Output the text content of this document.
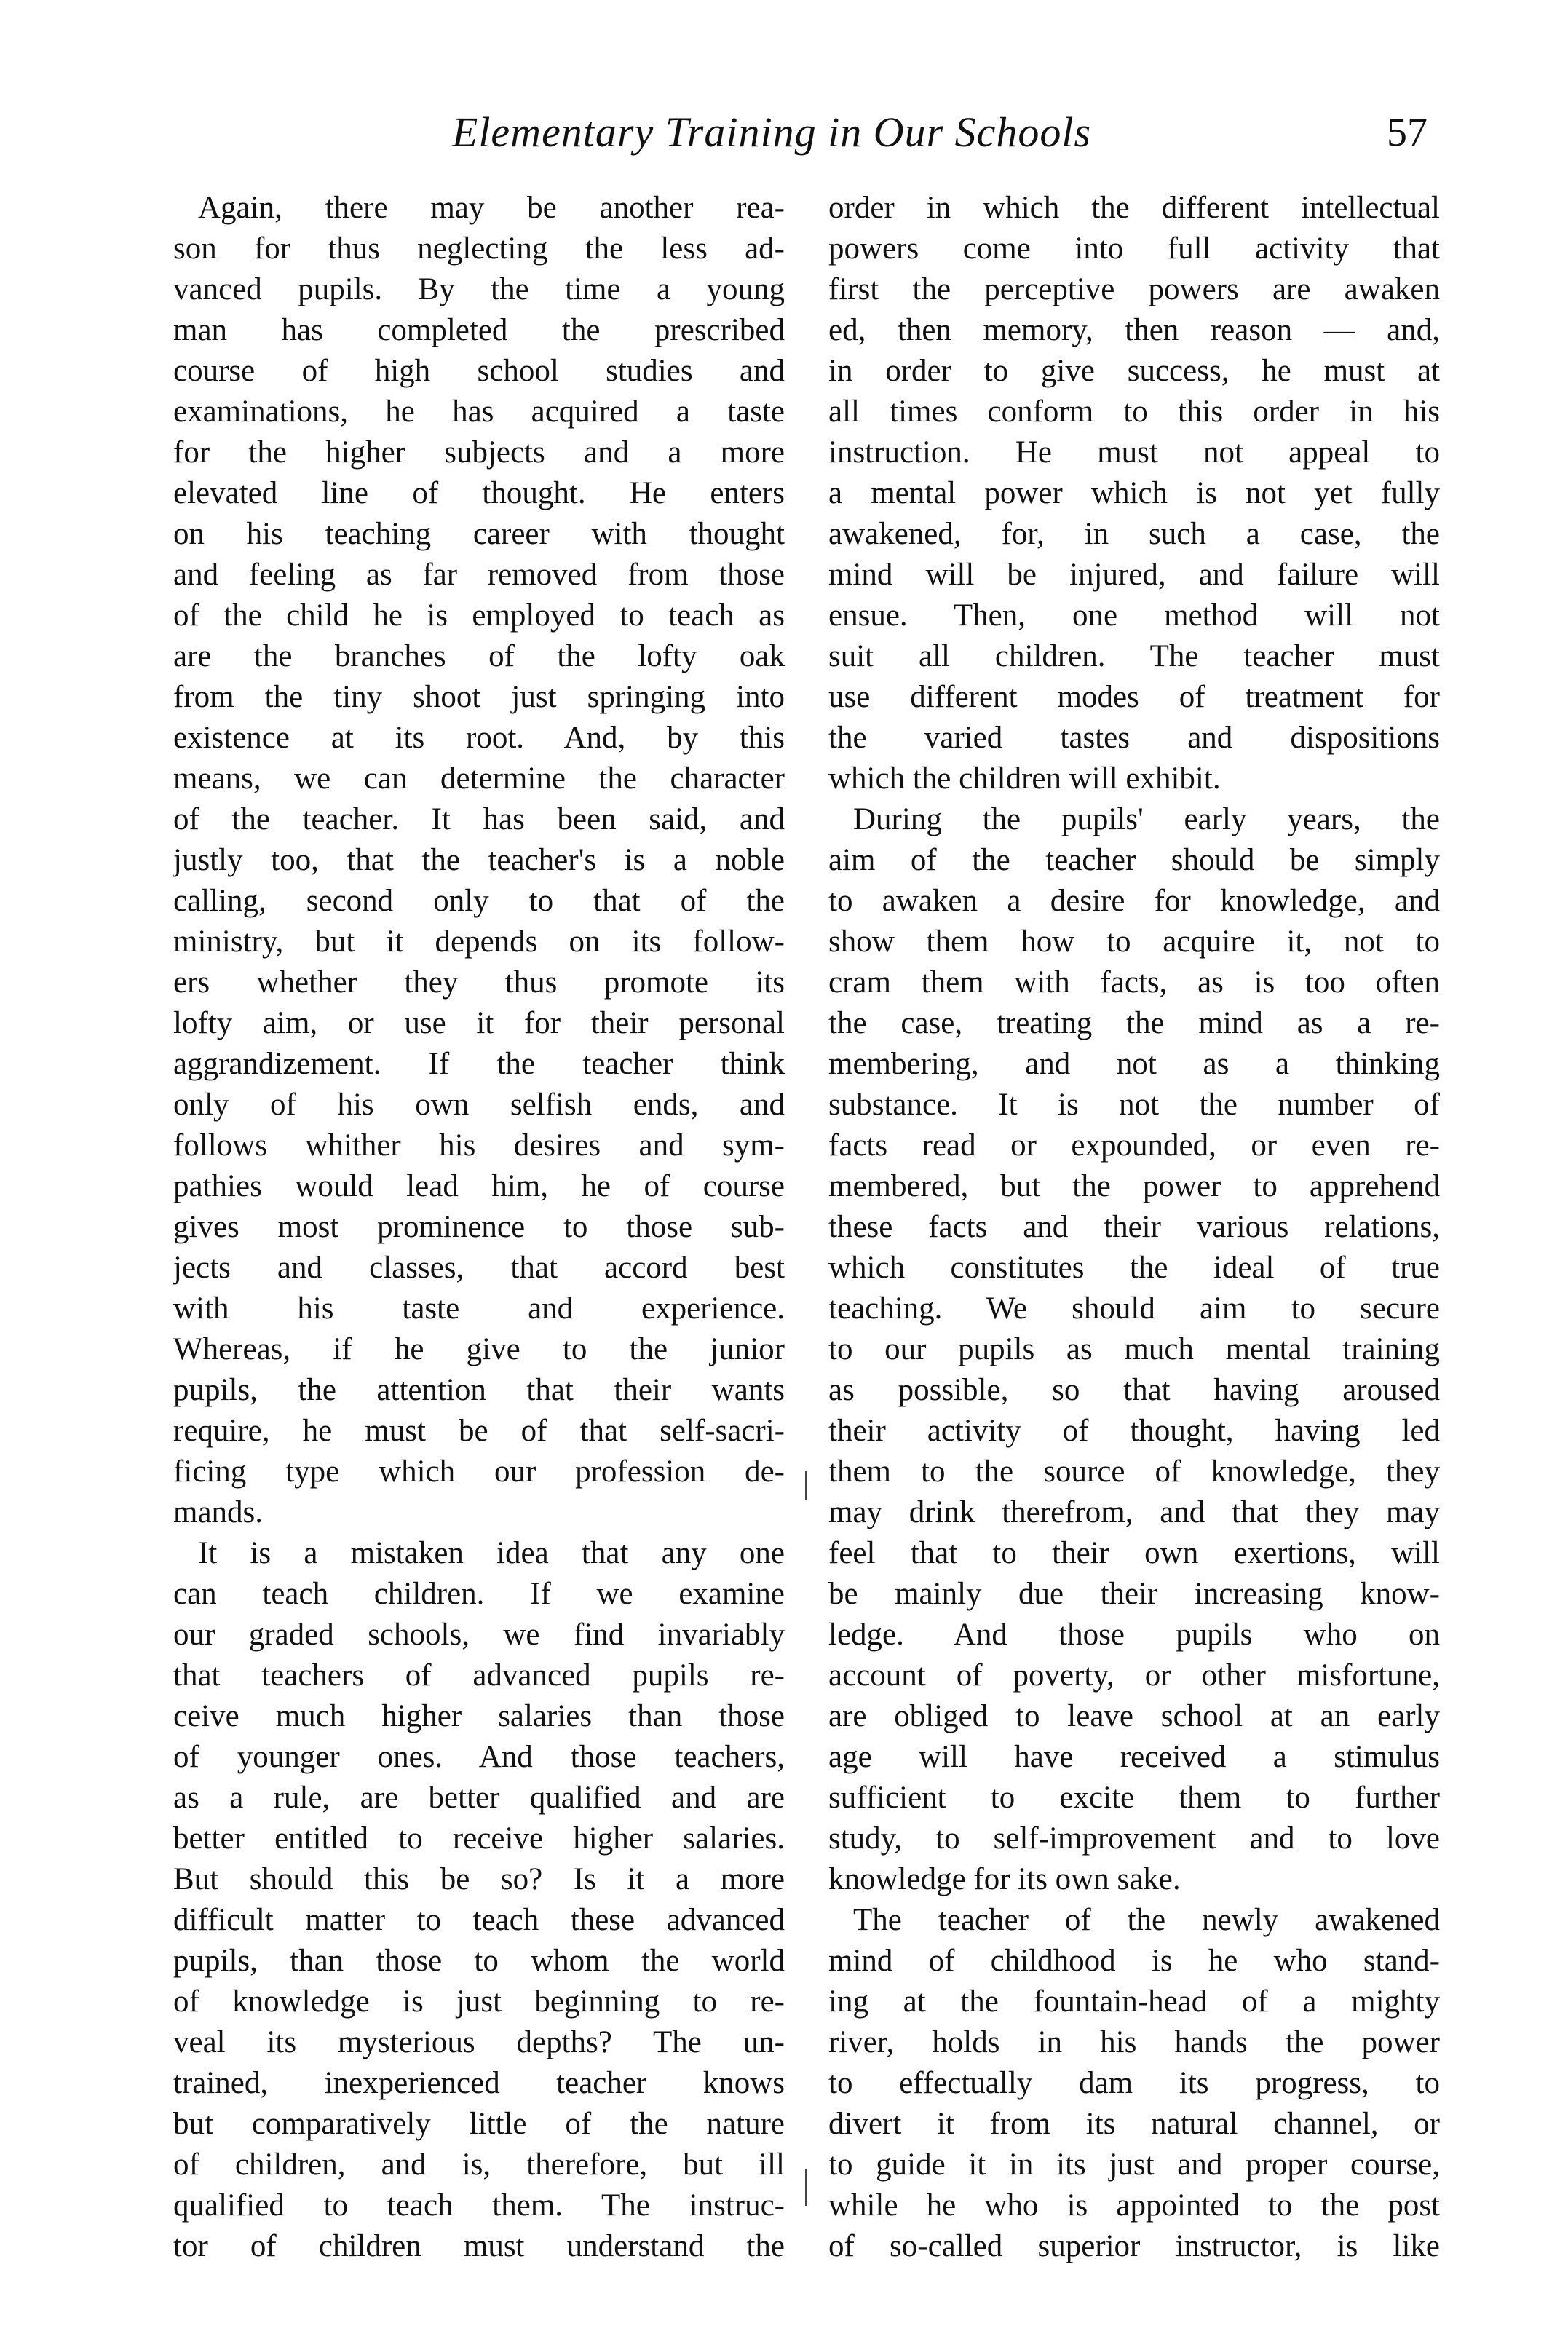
Elementary Training in Our Schools	57
Again, there may be another rea-
son for thus neglecting the less ad-
vanced pupils. By the time a young
man has completed the prescribed
course of high school studies and
examinations, he has acquired a taste
for the higher subjects and a more
elevated line of thought. He enters
on his teaching career with thought
and feeling as far removed from those
of the child he is employed to teach as
are the branches of the lofty oak
from the tiny shoot just springing into
existence at its root. And, by this
means, we can determine the character
of the teacher. It has been said, and
justly too, that the teacher's is a noble
calling, second only to that of the
ministry, but it depends on its follow-
ers whether they thus promote its
lofty aim, or use it for their personal
aggrandizement. If the teacher think
only of his own selfish ends, and
follows whither his desires and sym-
pathies would lead him, he of course
gives most prominence to those sub-
jects and classes, that accord best
with his taste and experience.
Whereas, if he give to the junior
pupils, the attention that their wants
require, he must be of that self-sacri-
ficing type which our profession de-
mands.
It is a mistaken idea that any one
can teach children. If we examine
our graded schools, we find invariably
that teachers of advanced pupils re-
ceive much higher salaries than those
of younger ones. And those teachers,
as a rule, are better qualified and are
better entitled to receive higher salaries.
But should this be so? Is it a more
difficult matter to teach these advanced
pupils, than those to whom the world
of knowledge is just beginning to re-
veal its mysterious depths? The un-
trained, inexperienced teacher knows
but comparatively little of the nature
of children, and is, therefore, but ill
qualified to teach them. The instruc-
tor of children must understand the
order in which the different intellectual
powers come into full activity that
first the perceptive powers are awaken
ed, then memory, then reason — and,
in order to give success, he must at
all times conform to this order in his
instruction. He must not appeal to
a mental power which is not yet fully
awakened, for, in such a case, the
mind will be injured, and failure will
ensue. Then, one method will not
suit all children. The teacher must
use different modes of treatment for
the varied tastes and dispositions
which the children will exhibit.
During the pupils' early years, the
aim of the teacher should be simply
to awaken a desire for knowledge, and
show them how to acquire it, not to
cram them with facts, as is too often
the case, treating the mind as a re-
membering, and not as a thinking
substance. It is not the number of
facts read or expounded, or even re-
membered, but the power to apprehend
these facts and their various relations,
which constitutes the ideal of true
teaching. We should aim to secure
to our pupils as much mental training
as possible, so that having aroused
their activity of thought, having led
them to the source of knowledge, they
may drink therefrom, and that they may
feel that to their own exertions, will
be mainly due their increasing know-
ledge. And those pupils who on
account of poverty, or other misfortune,
are obliged to leave school at an early
age will have received a stimulus
sufficient to excite them to further
study, to self-improvement and to love
knowledge for its own sake.
The teacher of the newly awakened
mind of childhood is he who stand-
ing at the fountain-head of a mighty
river, holds in his hands the power
to effectually dam its progress, to
divert it from its natural channel, or
to guide it in its just and proper course,
while he who is appointed to the post
of so-called superior instructor, is like
